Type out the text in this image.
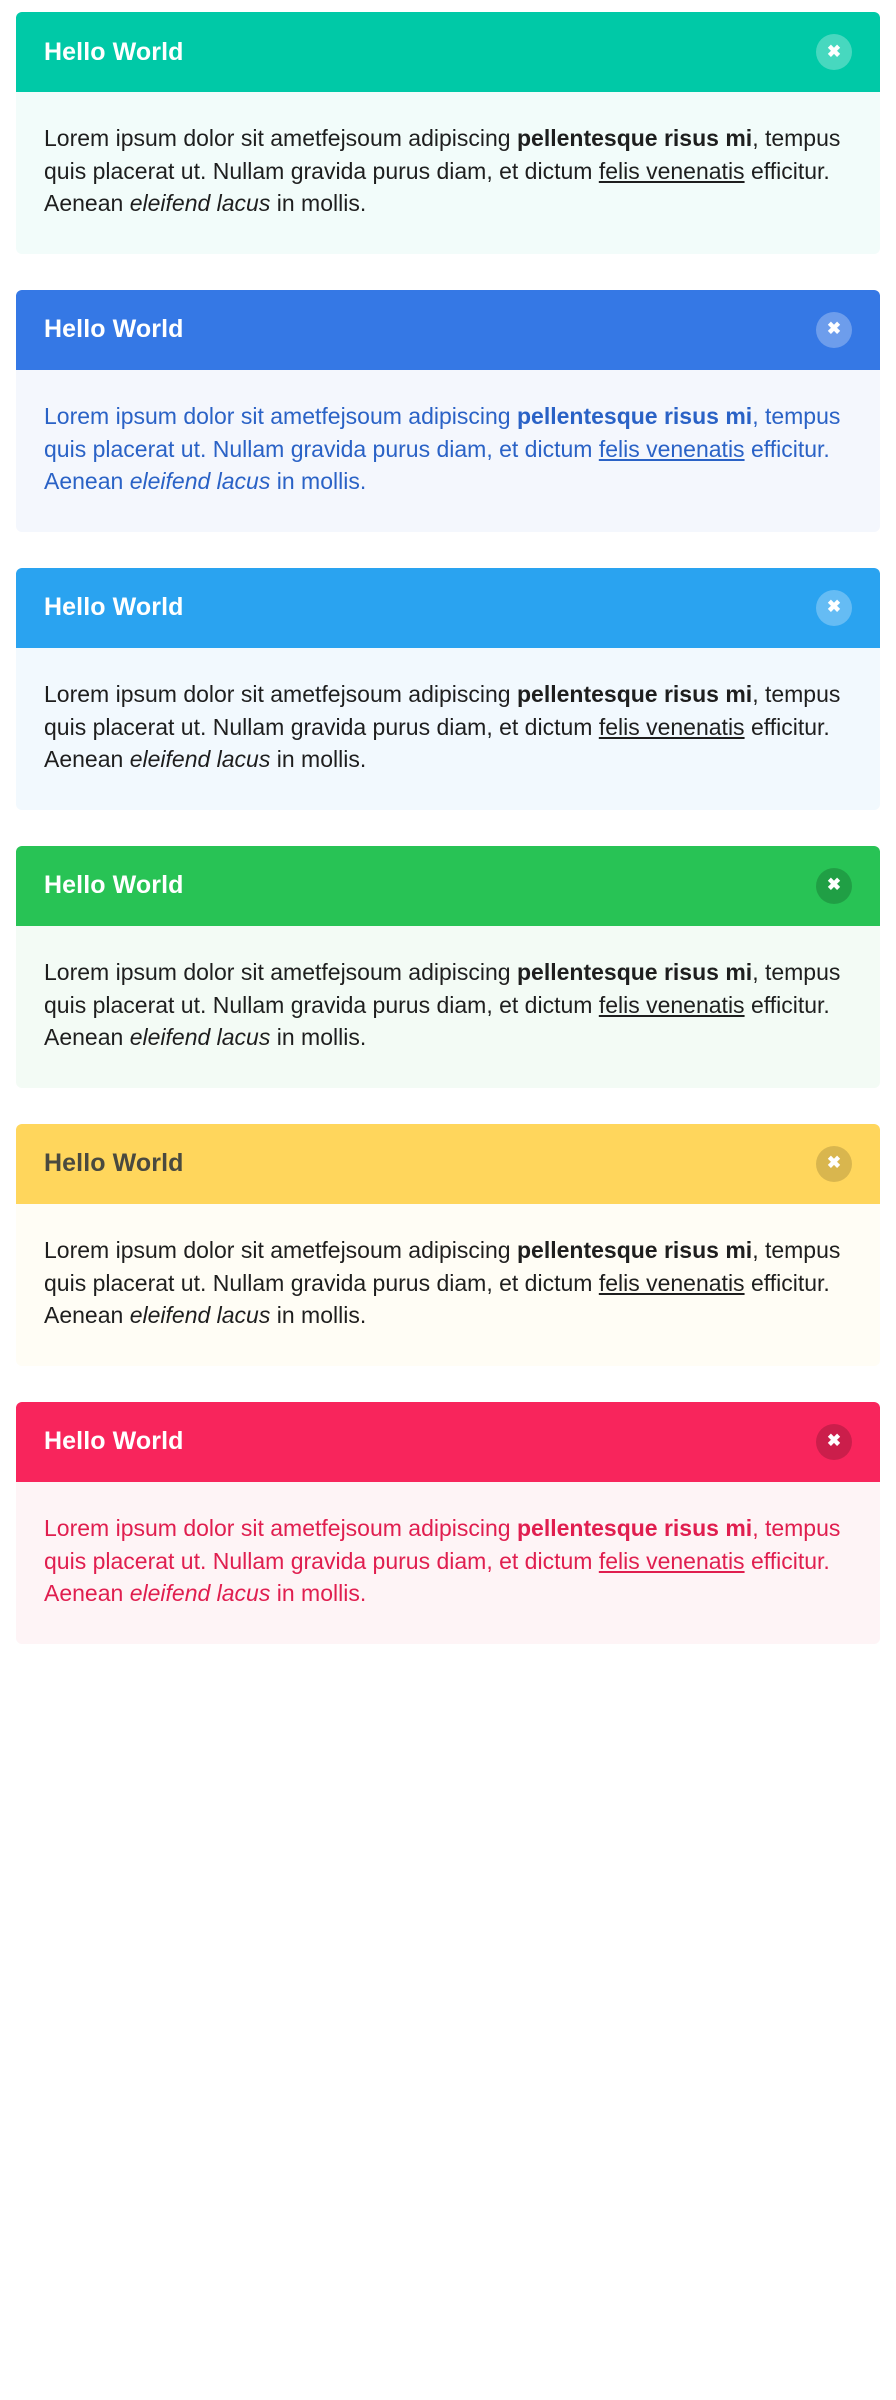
Hello World	✖

Lorem ipsum dolor sit ametfejsoum adipiscing pellentesque risus mi, tempus quis placerat ut. Nullam gravida purus diam, et dictum felis venenatis efficitur. Aenean eleifend lacus in mollis.

Hello World	✖

Lorem ipsum dolor sit ametfejsoum adipiscing pellentesque risus mi, tempus quis placerat ut. Nullam gravida purus diam, et dictum felis venenatis efficitur. Aenean eleifend lacus in mollis.

Hello World	✖

Lorem ipsum dolor sit ametfejsoum adipiscing pellentesque risus mi, tempus quis placerat ut. Nullam gravida purus diam, et dictum felis venenatis efficitur. Aenean eleifend lacus in mollis.

Hello World	✖

Lorem ipsum dolor sit ametfejsoum adipiscing pellentesque risus mi, tempus quis placerat ut. Nullam gravida purus diam, et dictum felis venenatis efficitur. Aenean eleifend lacus in mollis.

Hello World	✖

Lorem ipsum dolor sit ametfejsoum adipiscing pellentesque risus mi, tempus quis placerat ut. Nullam gravida purus diam, et dictum felis venenatis efficitur. Aenean eleifend lacus in mollis.

Hello World	✖

Lorem ipsum dolor sit ametfejsoum adipiscing pellentesque risus mi, tempus quis placerat ut. Nullam gravida purus diam, et dictum felis venenatis efficitur. Aenean eleifend lacus in mollis.
